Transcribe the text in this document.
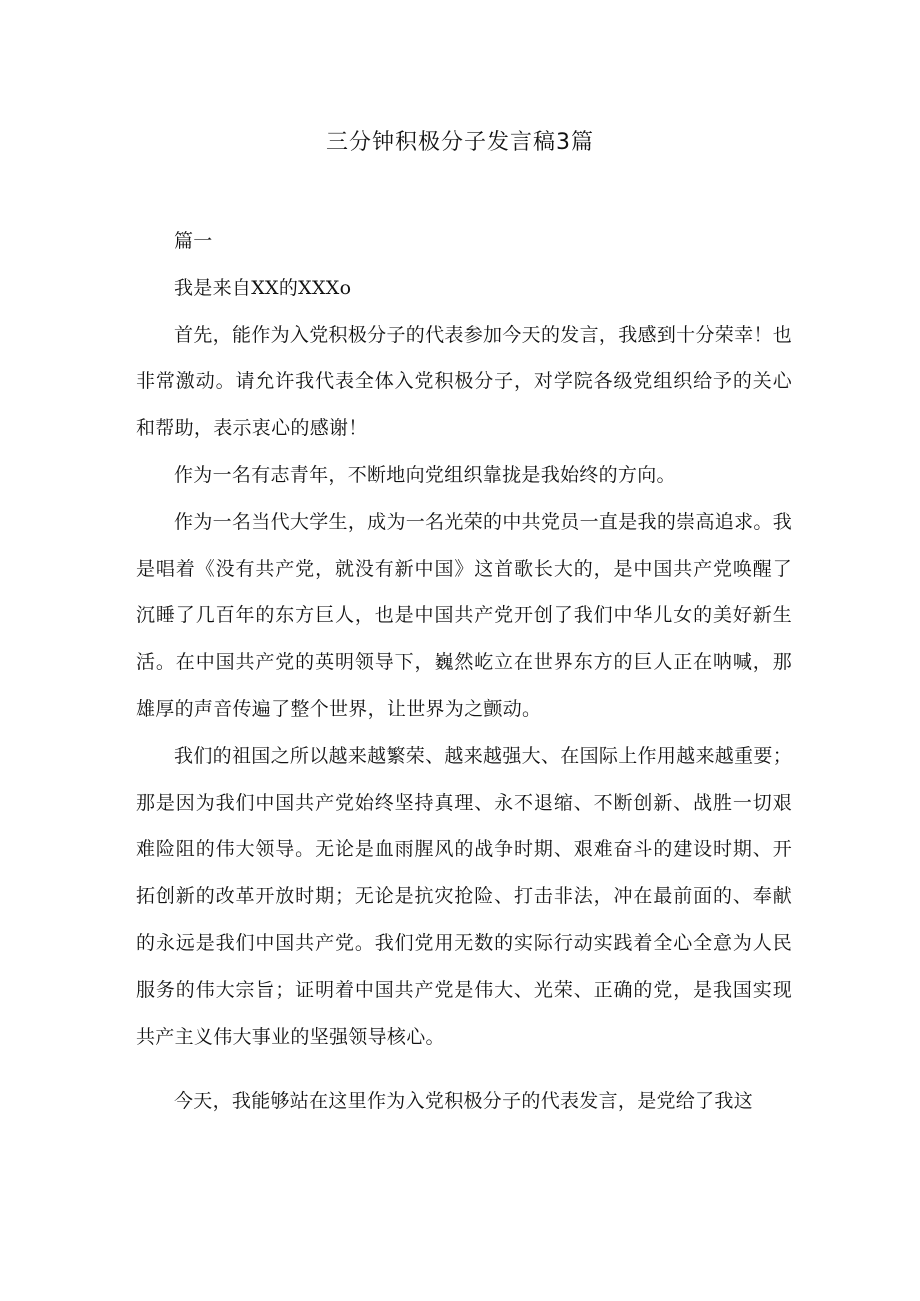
三分钟积极分子发言稿3篇

篇一

我是来自XX的XXXo

首先，能作为入党积极分子的代表参加今天的发言，我感到十分荣幸！也非常激动。请允许我代表全体入党积极分子，对学院各级党组织给予的关心和帮助，表示衷心的感谢！

作为一名有志青年，不断地向党组织靠拢是我始终的方向。

作为一名当代大学生，成为一名光荣的中共党员一直是我的崇高追求。我是唱着《没有共产党，就没有新中国》这首歌长大的，是中国共产党唤醒了沉睡了几百年的东方巨人，也是中国共产党开创了我们中华儿女的美好新生活。在中国共产党的英明领导下，巍然屹立在世界东方的巨人正在呐喊，那雄厚的声音传遍了整个世界，让世界为之颤动。

我们的祖国之所以越来越繁荣、越来越强大、在国际上作用越来越重要；那是因为我们中国共产党始终坚持真理、永不退缩、不断创新、战胜一切艰难险阻的伟大领导。无论是血雨腥风的战争时期、艰难奋斗的建设时期、开拓创新的改革开放时期；无论是抗灾抢险、打击非法，冲在最前面的、奉献的永远是我们中国共产党。我们党用无数的实际行动实践着全心全意为人民服务的伟大宗旨；证明着中国共产党是伟大、光荣、正确的党，是我国实现共产主义伟大事业的坚强领导核心。

今天，我能够站在这里作为入党积极分子的代表发言，是党给了我这
